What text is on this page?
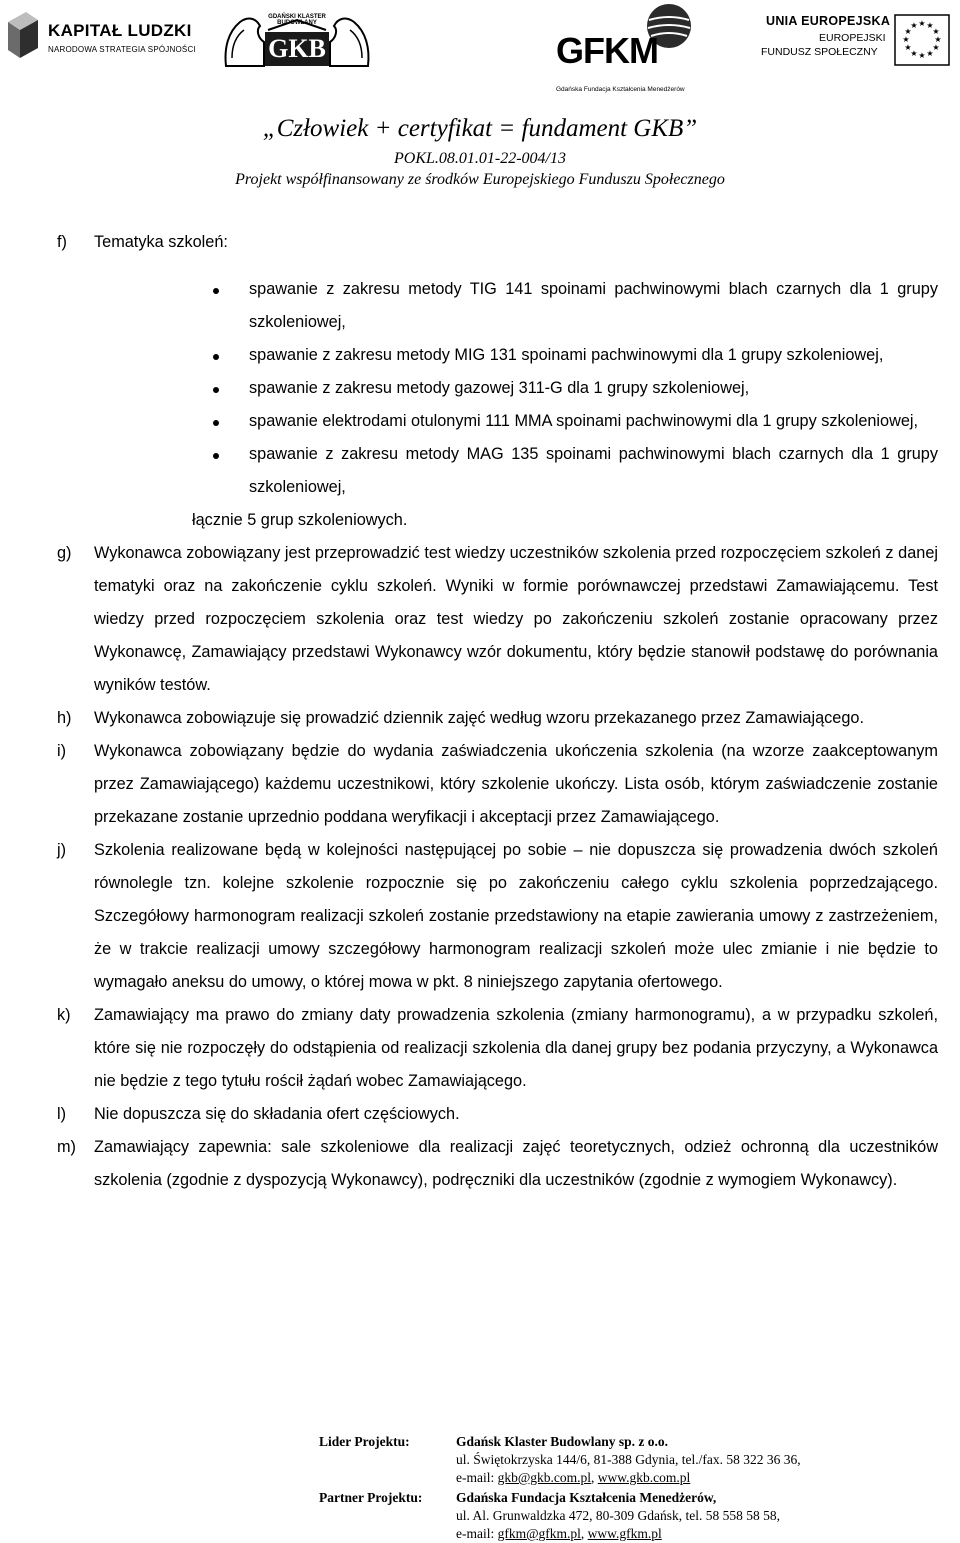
KAPITAŁ LUDZKI
NARODOWA STRATEGIA SPÓJNOŚCI
GDAŃSKI KLASTER BUDOWLANY
GKB	GFKM
Gdańska Fundacja Kształcenia Menedżerów
UNIA EUROPEJSKA
EUROPEJSKI
FUNDUSZ SPOŁECZNY
★ ★
★
★
★
★
★
★
★
★
★
★
„Człowiek + certyfikat = fundament GKB”
POKL.08.01.01-22-004/13
Projekt współfinansowany ze środków Europejskiego Funduszu Społecznego
f) Tematyka szkoleń:
spawanie z zakresu metody TIG 141 spoinami pachwinowymi blach czarnych dla 1 grupy szkoleniowej,
spawanie z zakresu metody MIG 131 spoinami pachwinowymi dla 1 grupy szkoleniowej,
spawanie z zakresu metody gazowej 311-G dla 1 grupy szkoleniowej,
spawanie elektrodami otulonymi 111 MMA spoinami pachwinowymi dla 1 grupy szkoleniowej,
spawanie z zakresu metody MAG 135 spoinami pachwinowymi blach czarnych dla 1 grupy szkoleniowej,
łącznie 5 grup szkoleniowych.
g) Wykonawca zobowiązany jest przeprowadzić test wiedzy uczestników szkolenia przed rozpoczęciem szkoleń z danej tematyki oraz na zakończenie cyklu szkoleń. Wyniki w formie porównawczej przedstawi Zamawiającemu. Test wiedzy przed rozpoczęciem szkolenia oraz test wiedzy po zakończeniu szkoleń zostanie opracowany przez Wykonawcę, Zamawiający przedstawi Wykonawcy wzór dokumentu, który będzie stanowił podstawę do porównania wyników testów.
h) Wykonawca zobowiązuje się prowadzić dziennik zajęć według wzoru przekazanego przez Zamawiającego.
i) Wykonawca zobowiązany będzie do wydania zaświadczenia ukończenia szkolenia (na wzorze zaakceptowanym przez Zamawiającego) każdemu uczestnikowi, który szkolenie ukończy. Lista osób, którym zaświadczenie zostanie przekazane zostanie uprzednio poddana weryfikacji i akceptacji przez Zamawiającego.
j) Szkolenia realizowane będą w kolejności następującej po sobie – nie dopuszcza się prowadzenia dwóch szkoleń równolegle tzn. kolejne szkolenie rozpocznie się po zakończeniu całego cyklu szkolenia poprzedzającego. Szczegółowy harmonogram realizacji szkoleń zostanie przedstawiony na etapie zawierania umowy z zastrzeżeniem, że w trakcie realizacji umowy szczegółowy harmonogram realizacji szkoleń może ulec zmianie i nie będzie to wymagało aneksu do umowy, o której mowa w pkt. 8 niniejszego zapytania ofertowego.
k) Zamawiający ma prawo do zmiany daty prowadzenia szkolenia (zmiany harmonogramu), a w przypadku szkoleń, które się nie rozpoczęły do odstąpienia od realizacji szkolenia dla danej grupy bez podania przyczyny, a Wykonawca nie będzie z tego tytułu rościł żądań wobec Zamawiającego.
l) Nie dopuszcza się do składania ofert częściowych.
m) Zamawiający zapewnia: sale szkoleniowe dla realizacji zajęć teoretycznych, odzież ochronną dla uczestników szkolenia (zgodnie z dyspozycją Wykonawcy), podręczniki dla uczestników (zgodnie z wymogiem Wykonawcy).
Lider Projektu:	Gdańsk Klaster Budowlany sp. z o.o.
ul. Świętokrzyska 144/6, 81-388 Gdynia, tel./fax. 58 322 36 36,
e-mail: gkb@gkb.com.pl, www.gkb.com.pl
Partner Projektu: Gdańska Fundacja Kształcenia Menedżerów,
ul. Al. Grunwaldzka 472, 80-309 Gdańsk, tel. 58 558 58 58,
e-mail: gfkm@gfkm.pl, www.gfkm.pl
